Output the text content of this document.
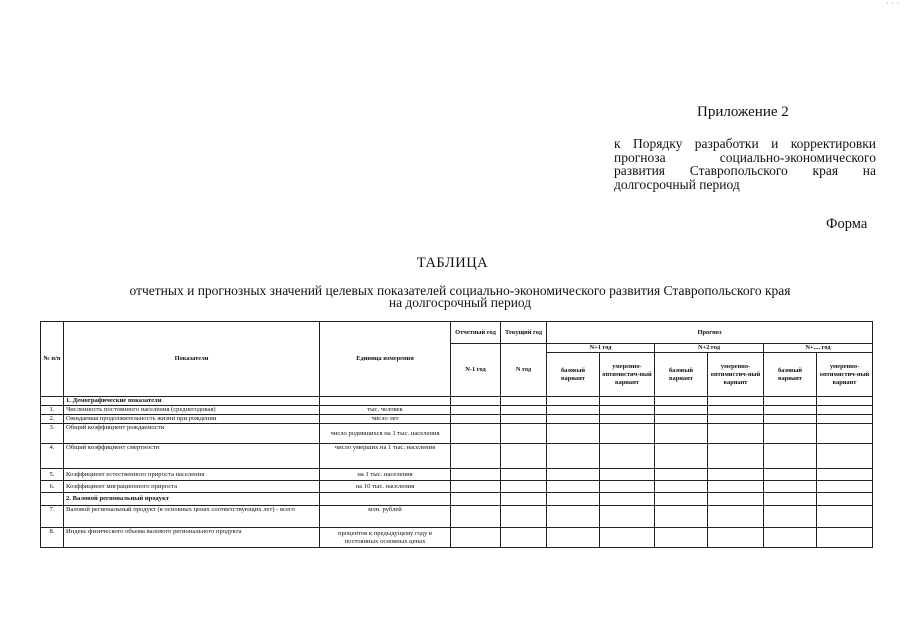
· · ·
Приложение 2
к Порядку разработки и корректировки прогноза социально-экономического развития Ставропольского края на долгосрочный период
Форма
ТАБЛИЦА
отчетных и прогнозных значений целевых показателей социально-экономического развития Ставропольского края
на долгосрочный период
№ п/п	Показатели	Единица измерения	Отчетный год	Текущий год	Прогноз					
			N-1 год	N год	N+1 год		N+2 год		N+.... год	
					базовый вариант	умеренно-оптимистич-ный вариант	базовый вариант	умеренно-оптимистич-ный вариант	базовый вариант	умеренно-оптимистич-ный вариант
	1. Демографические показатели									
1.	Численность постоянного населения (среднегодовая)	тыс. человек								
2.	Ожидаемая продолжительность жизни при рождении	число лет								
3.	Общий коэффициент рождаемости	число родившихся на 1 тыс. населения								
4.	Общий коэффициент смертности	число умерших на 1 тыс. населения								
5.	Коэффициент естественного прироста населения	на 1 тыс. населения								
6.	Коэффициент миграционного прироста	на 10 тыс. населения								
	2. Валовой региональный продукт									
7.	Валовой региональный продукт (в основных ценах соответствующих лет) - всего	млн. рублей								
8.	Индекс физического объема валового регионального продукта	процентов к предыдущему году в постоянных основных ценах								
